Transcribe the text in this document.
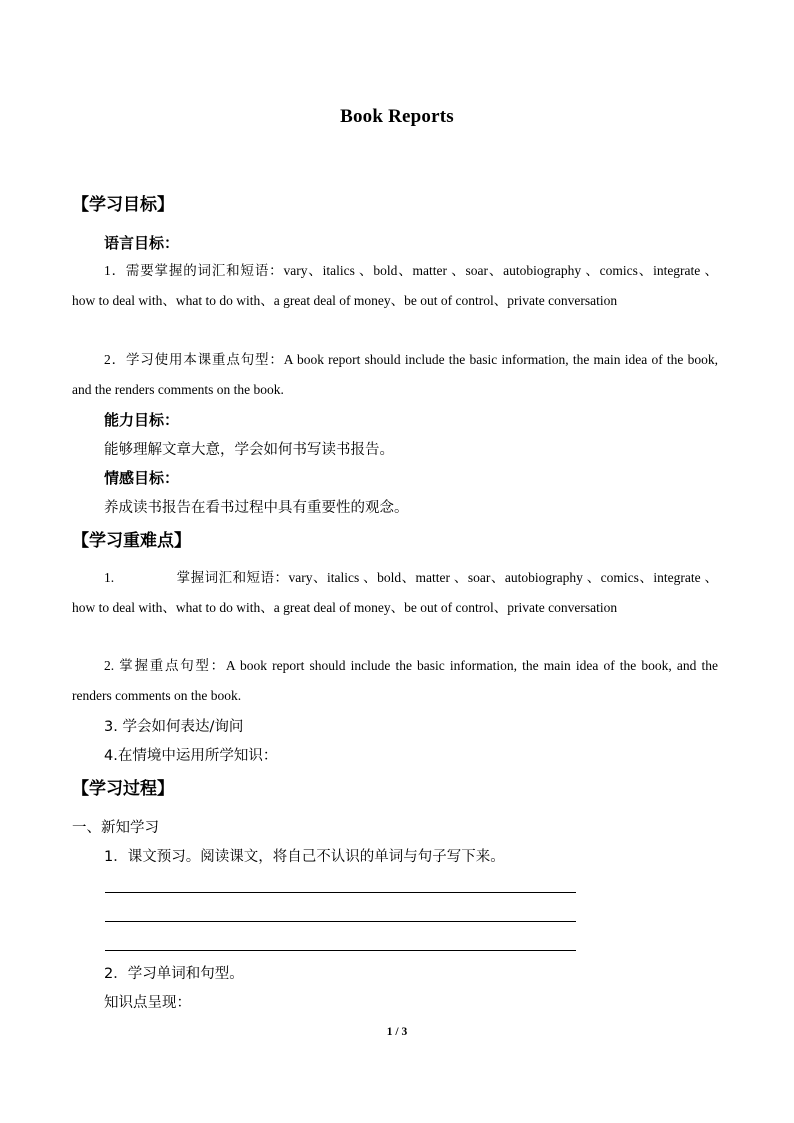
Book Reports
【学习目标】
语言目标：
1．需要掌握的词汇和短语：vary、italics 、bold、matter 、soar、autobiography 、comics、integrate 、how to deal with、what to do with、a great deal of money、be out of control、private conversation
2．学习使用本课重点句型：A book report should include the basic information, the main idea of the book, and the renders comments on the book.
能力目标：
能够理解文章大意，学会如何书写读书报告。
情感目标：
养成读书报告在看书过程中具有重要性的观念。
【学习重难点】
1.	掌握词汇和短语：vary、italics 、bold、matter 、soar、autobiography 、comics、integrate 、how to deal with、what to do with、a great deal of money、be out of control、private conversation
2. 掌握重点句型：A book report should include the basic information, the main idea of the book, and the renders comments on the book.
3. 学会如何表达/询问
4.在情境中运用所学知识：
【学习过程】
一、新知学习
1．课文预习。阅读课文，将自己不认识的单词与句子写下来。
2．学习单词和句型。
知识点呈现：
1 / 3
